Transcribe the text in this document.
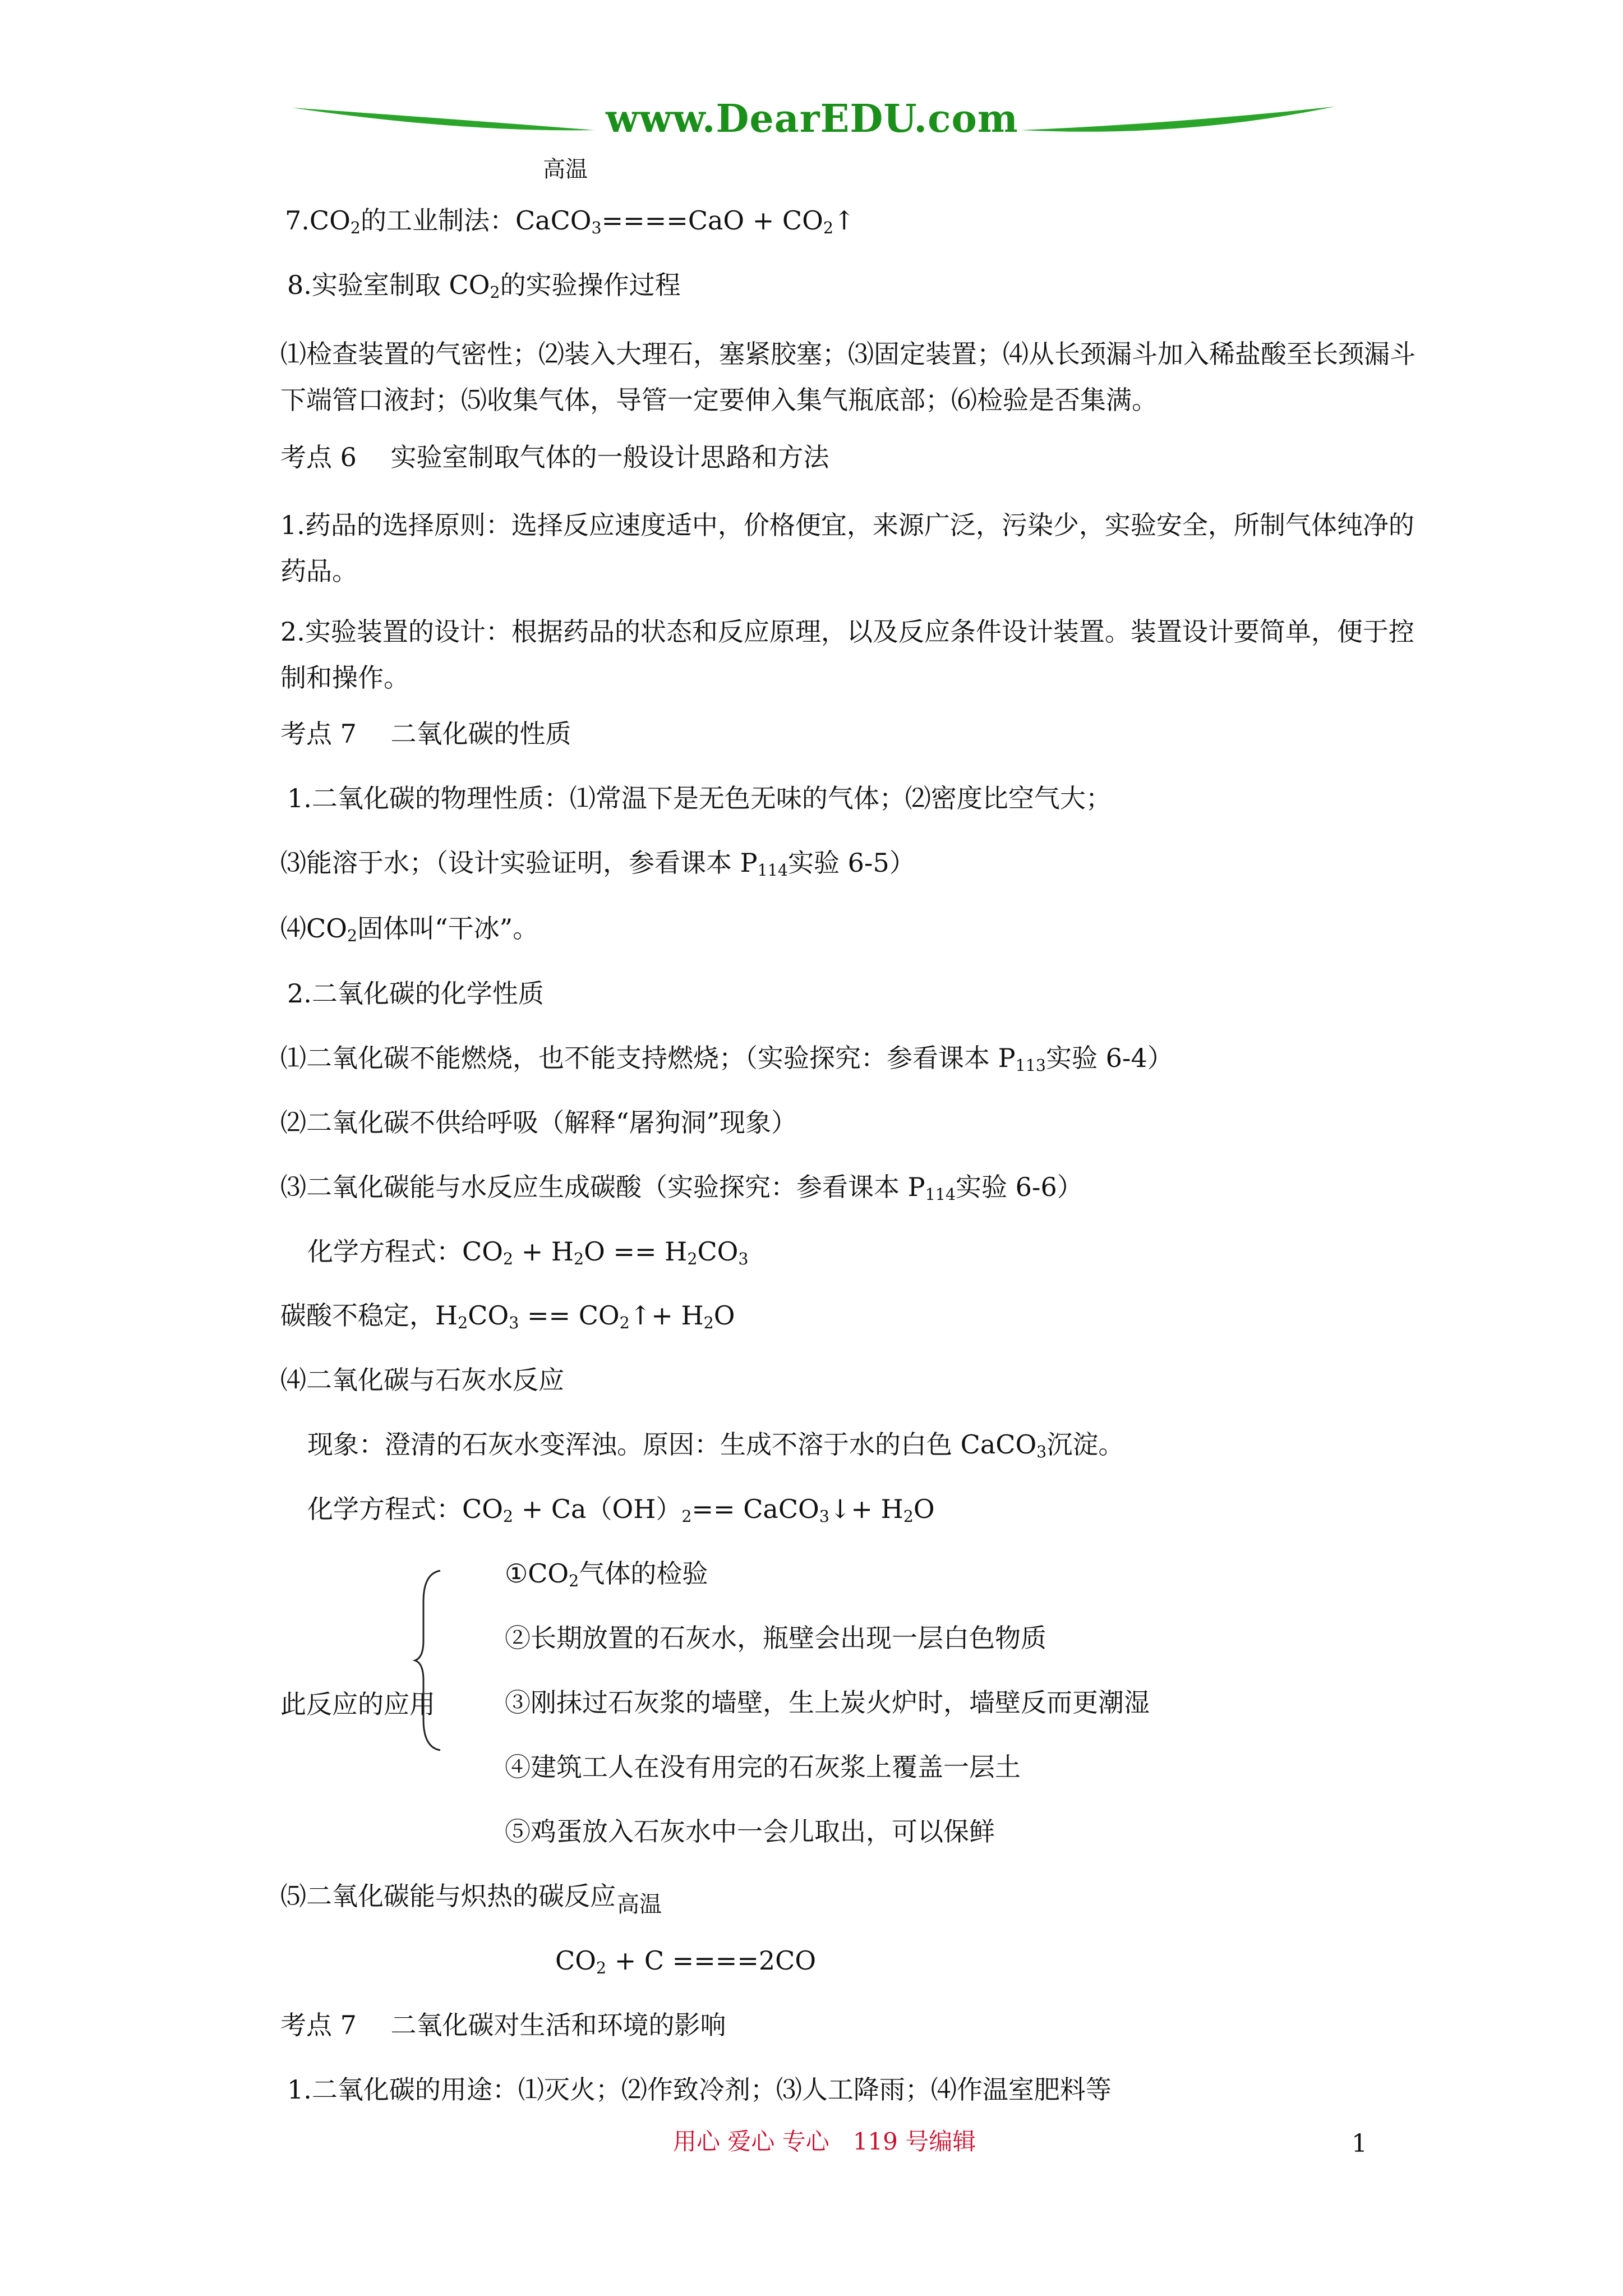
www.DearEDU.com
高温
$7.CO_2$的工业制法：CaCO$_3$====CaO + $CO_2↑$
8.实验室制取 $CO_2$的实验操作过程
⑴检查装置的气密性；⑵装入大理石，塞紧胶塞；⑶固定装置；⑷从长颈漏斗加入稀盐酸至长颈漏斗下端管口液封；⑸收集气体，导管一定要伸入集气瓶底部；⑹检验是否集满。
考点 6　 实验室制取气体的一般设计思路和方法
1.药品的选择原则：选择反应速度适中，价格便宜，来源广泛，污染少，实验安全，所制气体纯净的药品。
2.实验装置的设计：根据药品的状态和反应原理，以及反应条件设计装置。装置设计要简单，便于控制和操作。
考点 7　 二氧化碳的性质
1.二氧化碳的物理性质：⑴常温下是无色无味的气体；⑵密度比空气大；
⑶能溶于水；（设计实验证明，参看课本 $P_{114}$实验 6-5）
$⑷CO_2$固体叫“干冰”。
2.二氧化碳的化学性质
⑴二氧化碳不能燃烧，也不能支持燃烧；（实验探究：参看课本 $P_{113}$实验 6-4）
⑵二氧化碳不供给呼吸（解释“屠狗洞”现象）
⑶二氧化碳能与水反应生成碳酸（实验探究：参看课本 $P_{114}$实验 6-6）
化学方程式：$CO_2 + H_2O == H_2CO_3$
碳酸不稳定，$H_2CO_3$ == $CO_2↑+ H_2O$
⑷二氧化碳与石灰水反应
现象：澄清的石灰水变浑浊。原因：生成不溶于水的白色 CaCO$_3$沉淀。
化学方程式：$CO_2 + Ca(OH)_2==$ CaCO$_3$↓+ $H_2O$
此反应的应用
$①CO_2$气体的检验
②长期放置的石灰水，瓶壁会出现一层白色物质
③刚抹过石灰浆的墙壁，生上炭火炉时，墙壁反而更潮湿
④建筑工人在没有用完的石灰浆上覆盖一层土
⑤鸡蛋放入石灰水中一会儿取出，可以保鲜
⑸二氧化碳能与炽热的碳反应 高温
$CO_2 + C ====2CO$
考点 7　 二氧化碳对生活和环境的影响
1.二氧化碳的用途：⑴灭火；⑵作致冷剂；⑶人工降雨；⑷作温室肥料等
用心 爱心 专心　119 号编辑	1
